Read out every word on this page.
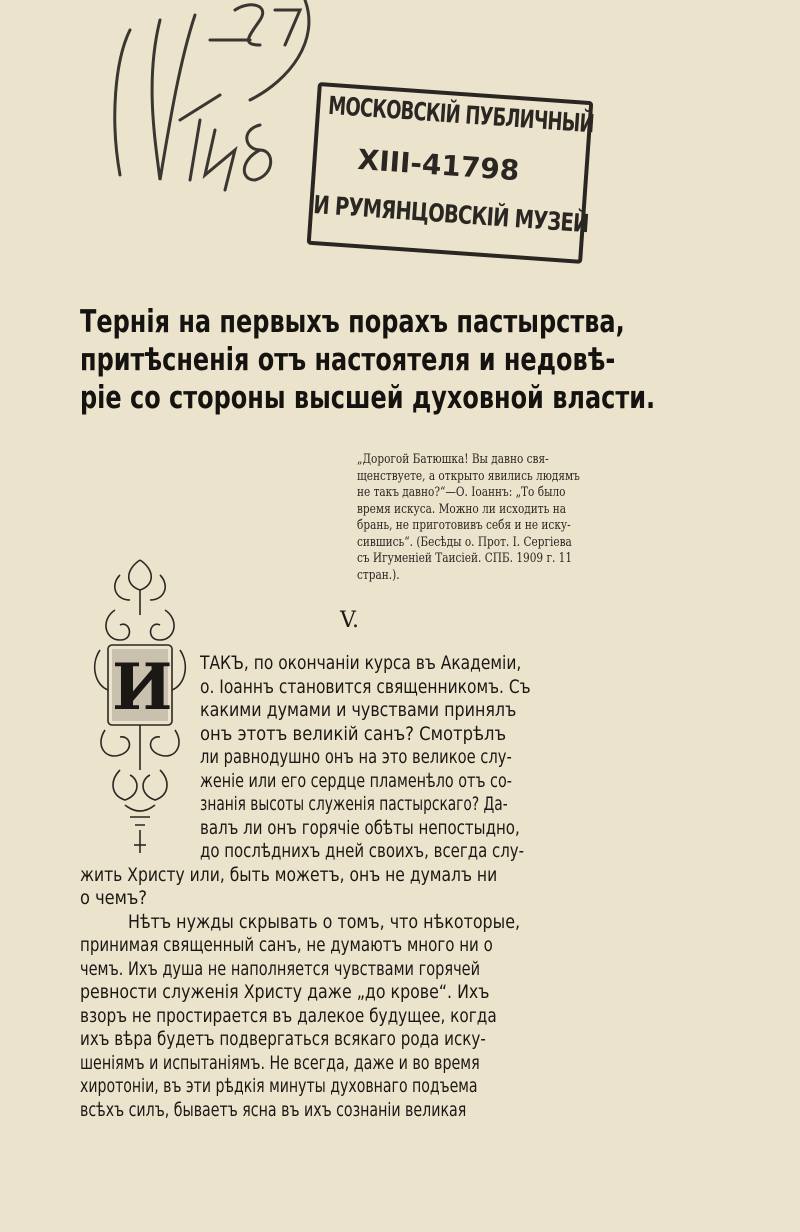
МОСКОВСКIЙ ПУБЛИЧНЫЙ
XIII-41798
И РУМЯНЦОВСКIЙ МУЗЕЙ
Тернія на первыхъ порахъ пастырства,
притѣсненія отъ настоятеля и недовѣ-
ріе со стороны высшей духовной власти.
„Дорогой Батюшка! Вы давно свя-
щенствуете, а открыто явились людямъ
не такъ давно?“—О. Іоаннъ: „То было
время искуса. Можно ли исходить на
брань, не приготовивъ себя и не иску-
сившись“. (Бесѣды о. Прот. І. Сергіева
съ Игуменіей Таисіей. СПБ. 1909 г. 11
стран.).
V.
И ТАКЪ, по окончаніи курса въ Академіи,
о. Іоаннъ становится священникомъ. Съ
какими думами и чувствами принялъ
онъ этотъ великій санъ? Смотрѣлъ
ли равнодушно онъ на это великое слу-
женіе или его сердце пламенѣло отъ со-
знанія высоты служенія пастырскаго? Да-
валъ ли онъ горячіе обѣты непостыдно,
до послѣднихъ дней своихъ, всегда слу-
жить Христу или, быть можетъ, онъ не думалъ ни
о чемъ?
Нѣтъ нужды скрывать о томъ, что нѣкоторые,
принимая священный санъ, не думаютъ много ни о
чемъ. Ихъ душа не наполняется чувствами горячей
ревности служенія Христу даже „до крове“. Ихъ
взоръ не простирается въ далекое будущее, когда
ихъ вѣра будетъ подвергаться всякаго рода иску-
шеніямъ и испытаніямъ. Не всегда, даже и во время
хиротоніи, въ эти рѣдкія минуты духовнаго подъема
всѣхъ силъ, бываетъ ясна въ ихъ сознаніи великая
